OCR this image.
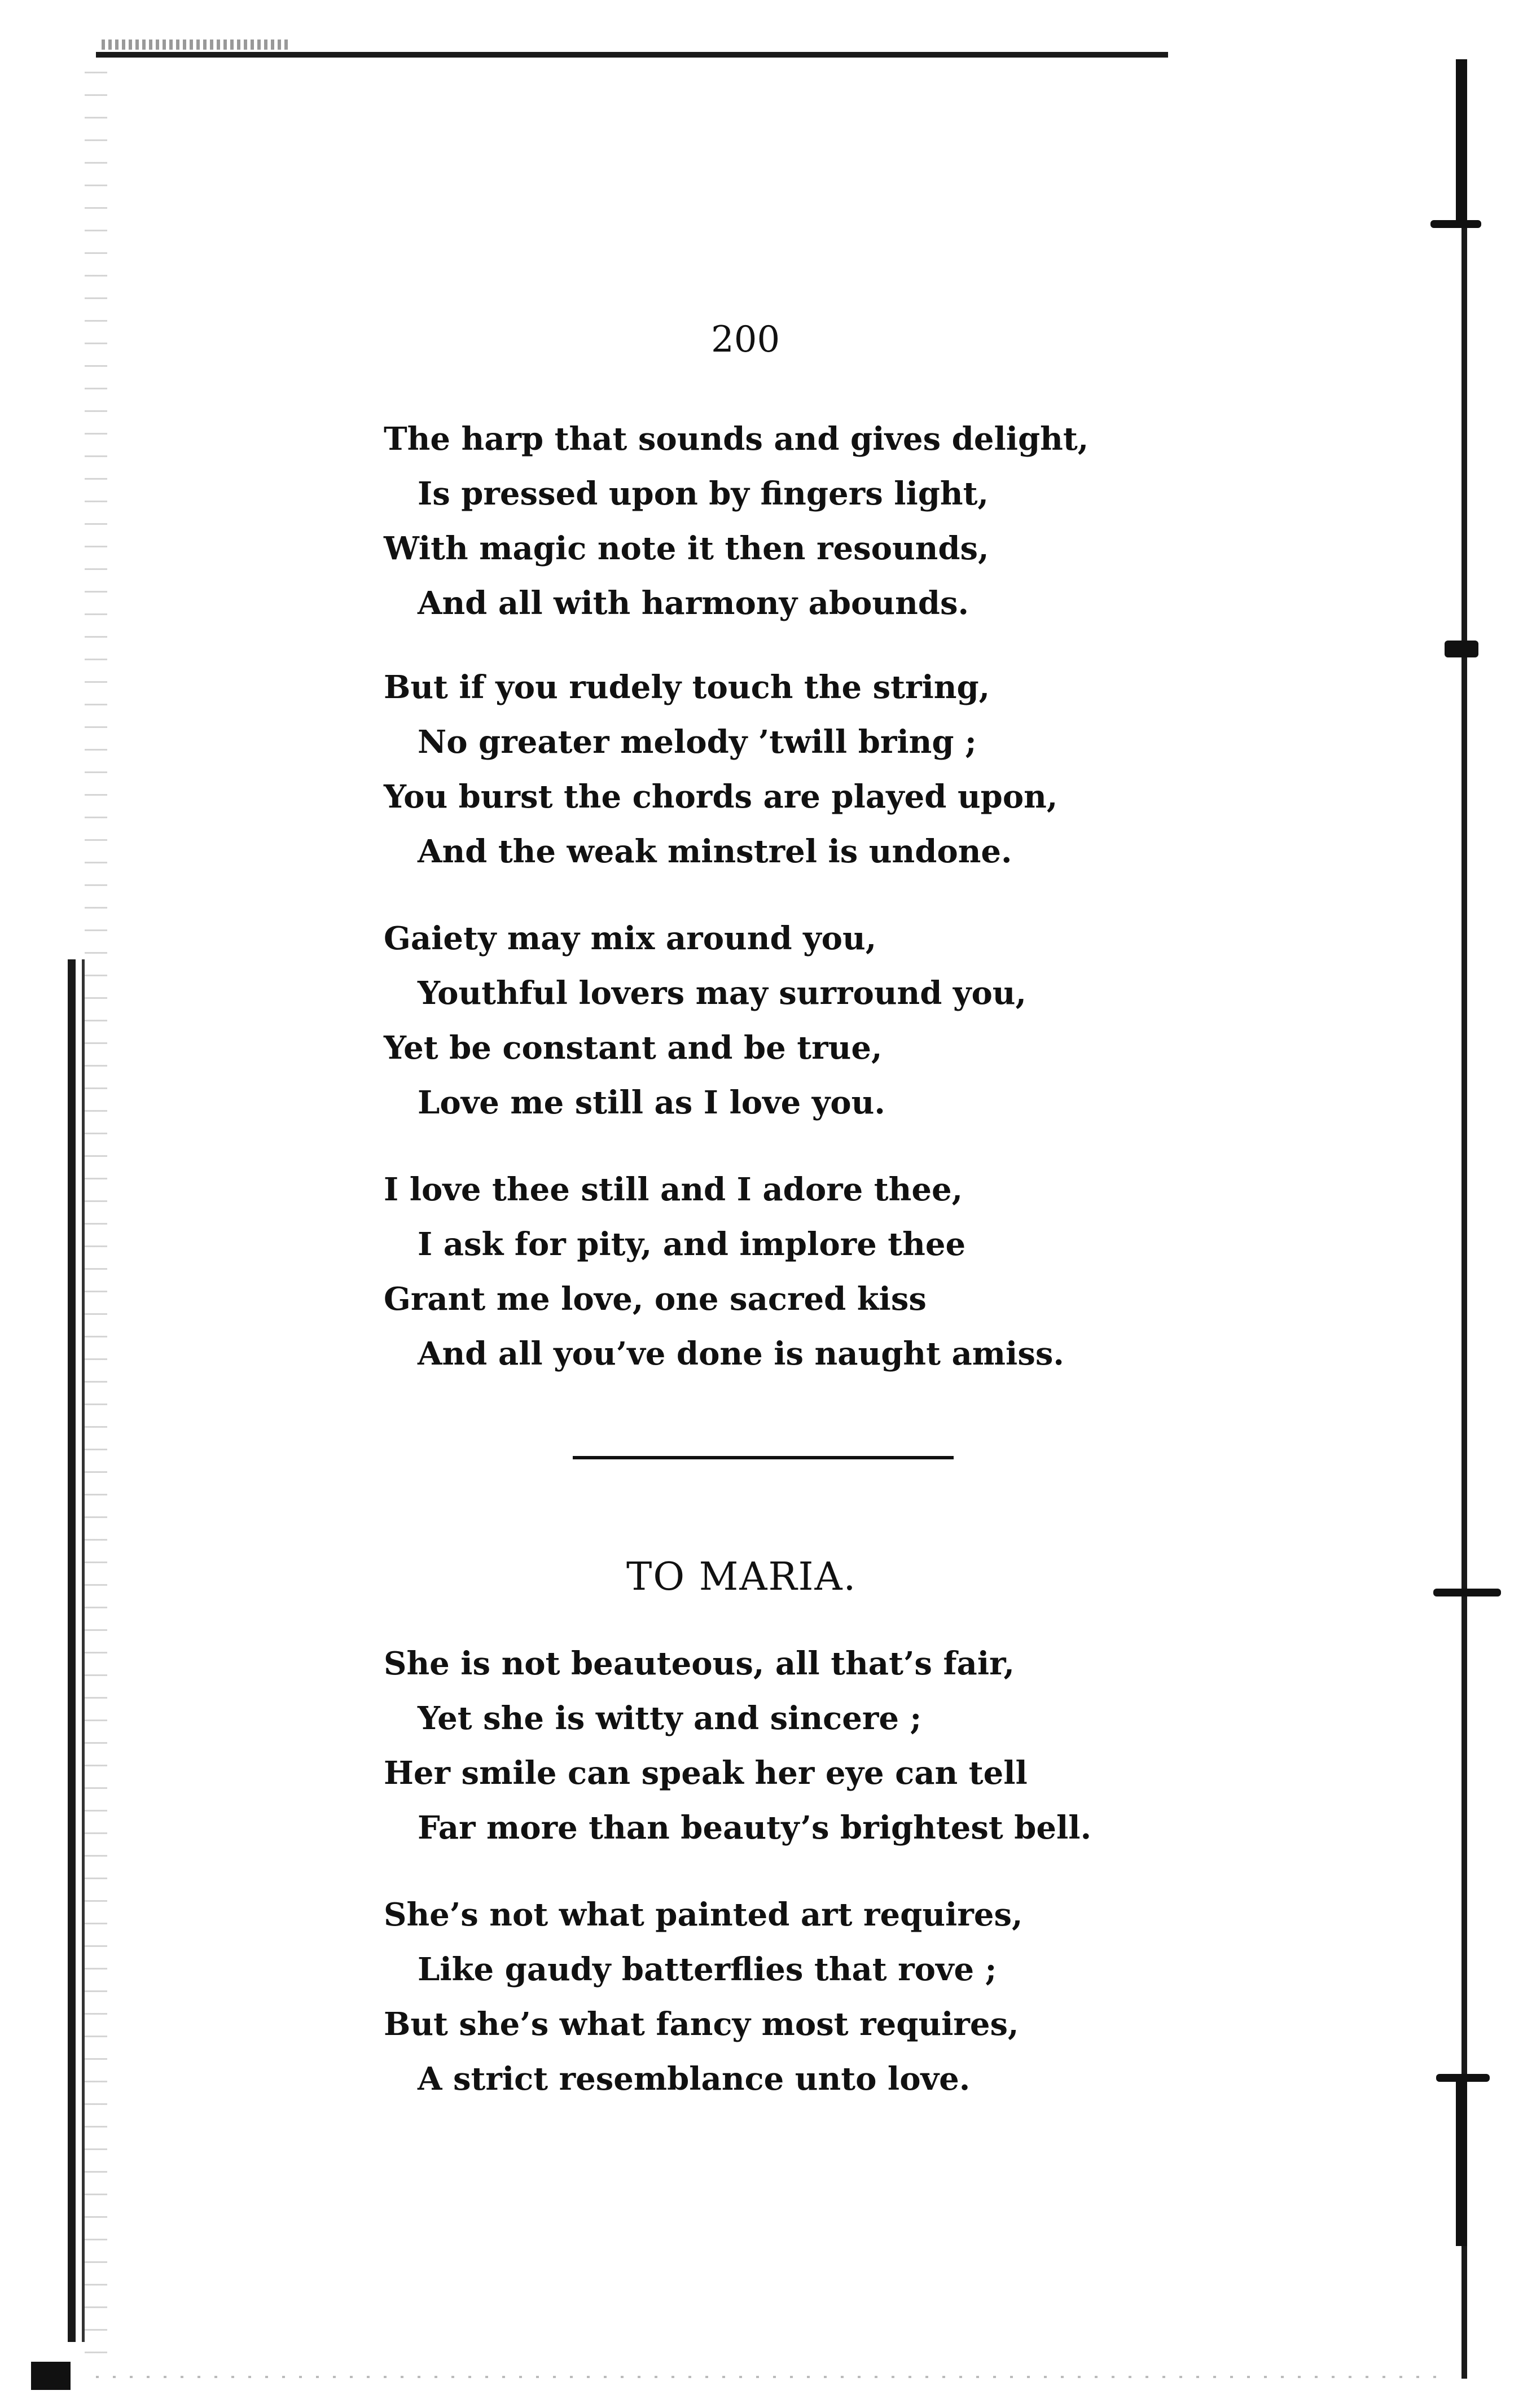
200
The harp that sounds and gives delight,
Is pressed upon by fingers light,
With magic note it then resounds,
And all with harmony abounds.
But if you rudely touch the string,
No greater melody ’twill bring ;
You burst the chords are played upon,
And the weak minstrel is undone.
Gaiety may mix around you,
Youthful lovers may surround you,
Yet be constant and be true,
Love me still as I love you.
I love thee still and I adore thee,
I ask for pity, and implore thee
Grant me love, one sacred kiss
And all you’ve done is naught amiss.
TO MARIA.
She is not beauteous, all that’s fair,
Yet she is witty and sincere ;
Her smile can speak her eye can tell
Far more than beauty’s brightest bell.
She’s not what painted art requires,
Like gaudy batterflies that rove ;
But she’s what fancy most requires,
A strict resemblance unto love.
